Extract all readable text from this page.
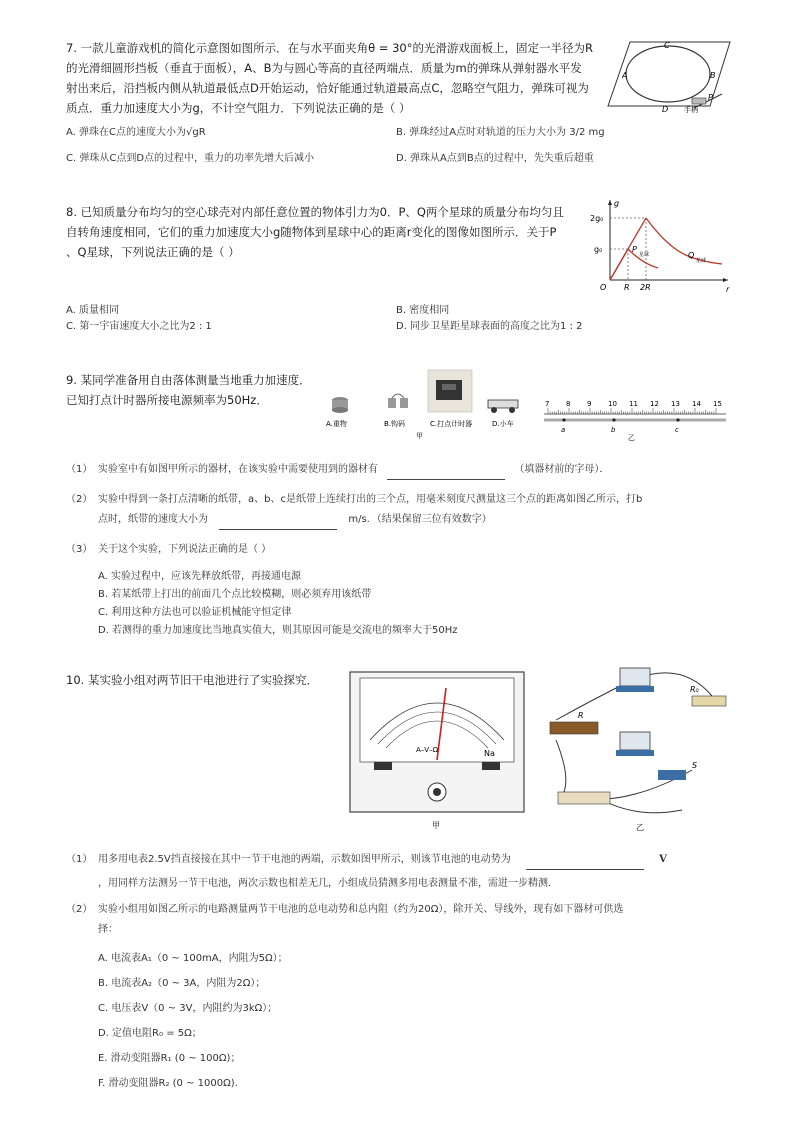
7. 一款儿童游戏机的简化示意图如图所示．在与水平面夹角θ = 30°的光滑游戏面板上，固定一半径为R
的光滑细圆形挡板（垂直于面板），A、B为与圆心等高的直径两端点．质量为m的弹珠从弹射器水平发
射出来后，沿挡板内侧从轨道最低点D开始运动，恰好能通过轨道最高点C，忽略空气阻力，弹珠可视为
质点．重力加速度大小为g，不计空气阻力．下列说法正确的是（ ）
C
A	B
D
P
手柄
A. 弹珠在C点的速度大小为√gR	B. 弹珠经过A点时对轨道的压力大小为 3/2 mg
C. 弹珠从C点到D点的过程中，重力的功率先增大后减小	D. 弹珠从A点到B点的过程中，先失重后超重
8. 已知质量分布均匀的空心球壳对内部任意位置的物体引力为0．P、Q两个星球的质量分布均匀且
自转角速度相同，它们的重力加速度大小g随物体到星球中心的距离r变化的图像如图所示．关于P
、Q星球，下列说法正确的是（ ）
g
r
2g₀
g₀
O R 2R
P
星球	Q
星球
A. 质量相同	B. 密度相同
C. 第一宇宙速度大小之比为2 : 1	D. 同步卫星距星球表面的高度之比为1 : 2
9. 某同学准备用自由落体测量当地重力加速度．
已知打点计时器所接电源频率为50Hz．
A.重物	B.钩码	C.打点计时器	D.小车
甲
7 8 9 10 11 12 13 14 15
a	b	c
乙
（1） 实验室中有如图甲所示的器材，在该实验中需要使用到的器材有	（填器材前的字母）．
（2） 实验中得到一条打点清晰的纸带，a、b、c是纸带上连续打出的三个点，用毫米刻度尺测量这三个点的距离如图乙所示，打b
点时，纸带的速度大小为	m/s．（结果保留三位有效数字）
（3） 关于这个实验，下列说法正确的是（ ）
A. 实验过程中，应该先释放纸带，再接通电源
B. 若某纸带上打出的前面几个点比较模糊，则必须弃用该纸带
C. 利用这种方法也可以验证机械能守恒定律
D. 若测得的重力加速度比当地真实值大，则其原因可能是交流电的频率大于50Hz
10. 某实验小组对两节旧干电池进行了实验探究．
A–V–Ω	Na
甲
R
R₀
S
乙
（1） 用多用电表2.5V挡直接接在其中一节干电池的两端，示数如图甲所示，则该节电池的电动势为	V
，用同样方法测另一节干电池，两次示数也相差无几，小组成员猜测多用电表测量不准，需进一步精测．
（2） 实验小组用如图乙所示的电路测量两节干电池的总电动势和总内阻（约为20Ω），除开关、导线外，现有如下器材可供选
择：
A. 电流表A₁（0 ~ 100mA，内阻为5Ω）；
B. 电流表A₂（0 ~ 3A，内阻为2Ω）；
C. 电压表V（0 ~ 3V，内阻约为3kΩ）；
D. 定值电阻R₀ = 5Ω；
E. 滑动变阻器R₁ (0 ~ 100Ω)；
F. 滑动变阻器R₂ (0 ~ 1000Ω)．
